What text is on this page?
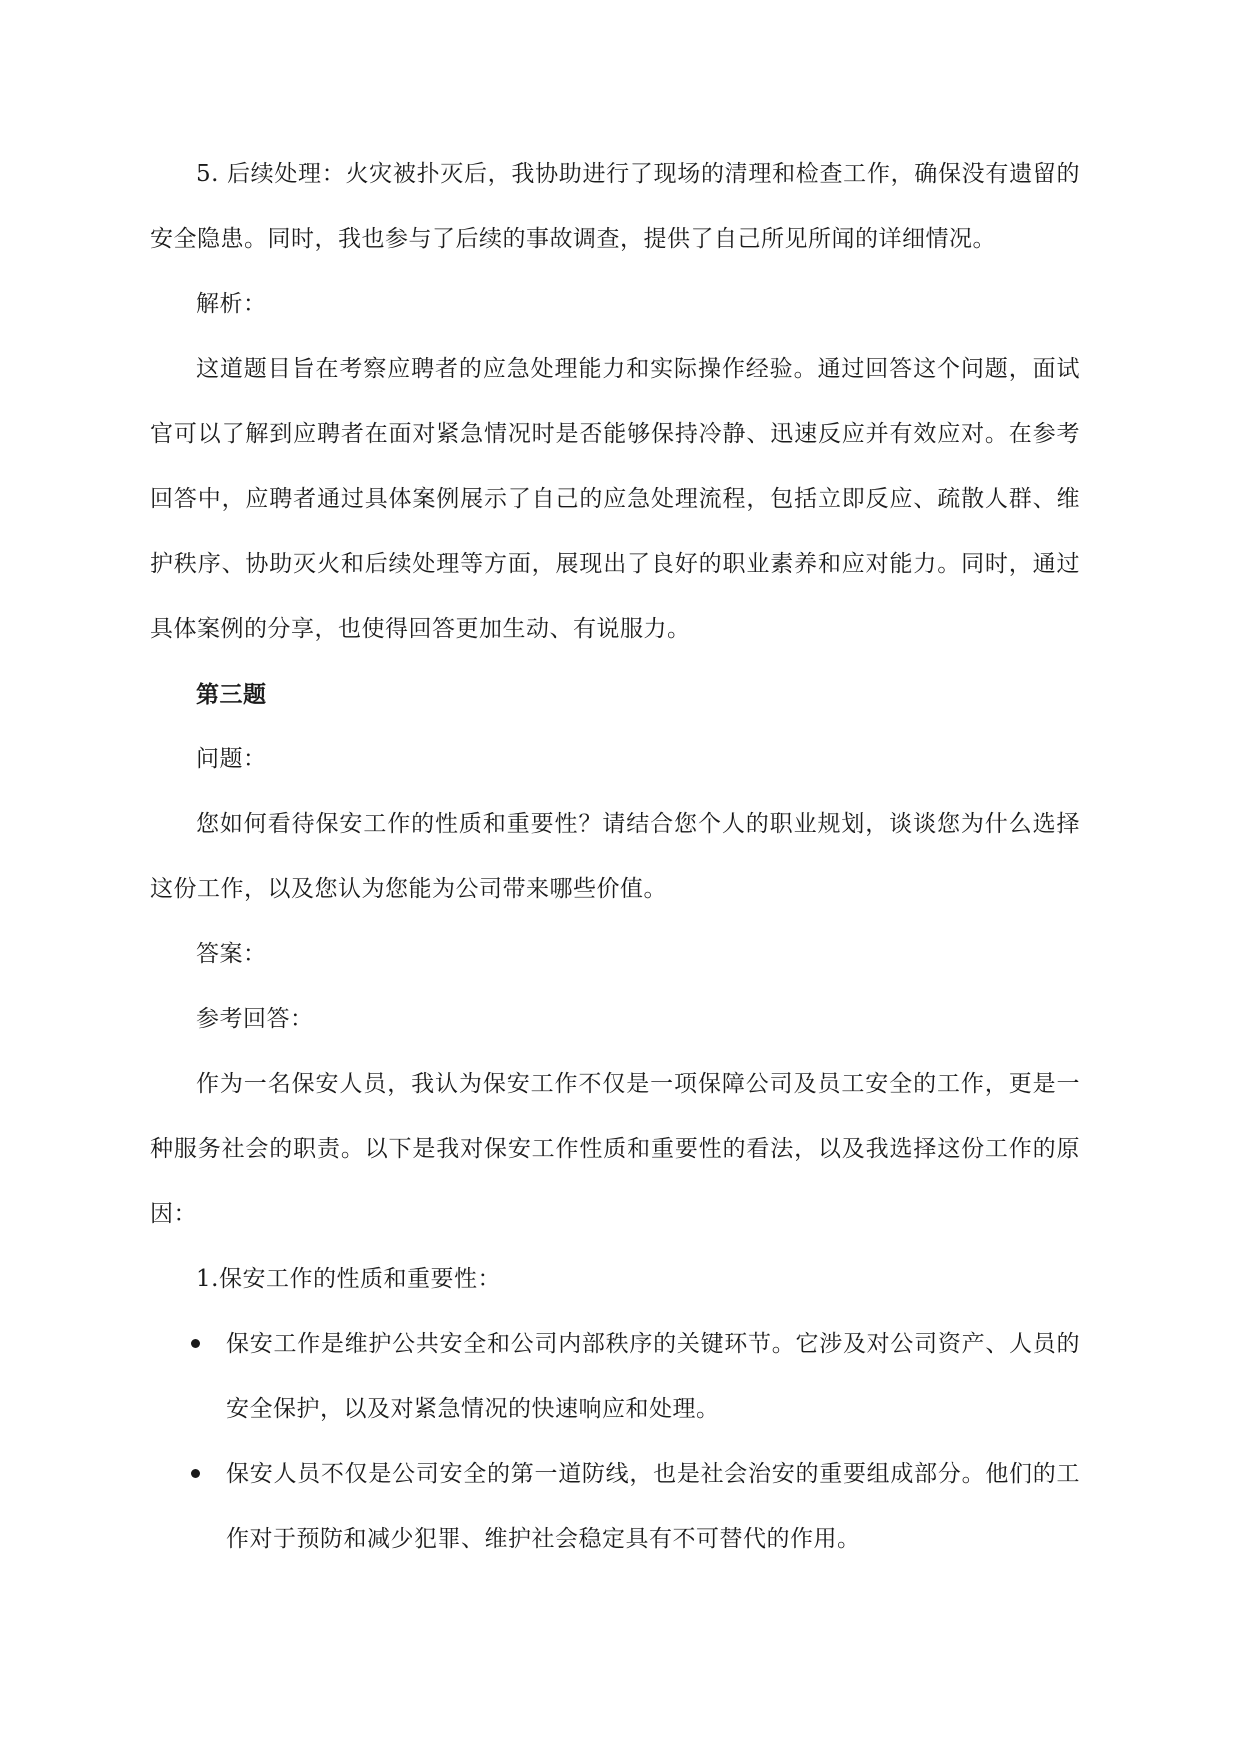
5. 后续处理：火灾被扑灭后，我协助进行了现场的清理和检查工作，确保没有遗留的安全隐患。同时，我也参与了后续的事故调查，提供了自己所见所闻的详细情况。

解析：

这道题目旨在考察应聘者的应急处理能力和实际操作经验。通过回答这个问题，面试官可以了解到应聘者在面对紧急情况时是否能够保持冷静、迅速反应并有效应对。在参考回答中，应聘者通过具体案例展示了自己的应急处理流程，包括立即反应、疏散人群、维护秩序、协助灭火和后续处理等方面，展现出了良好的职业素养和应对能力。同时，通过具体案例的分享，也使得回答更加生动、有说服力。

第三题

问题：

您如何看待保安工作的性质和重要性？请结合您个人的职业规划，谈谈您为什么选择这份工作，以及您认为您能为公司带来哪些价值。

答案：

参考回答：

作为一名保安人员，我认为保安工作不仅是一项保障公司及员工安全的工作，更是一种服务社会的职责。以下是我对保安工作性质和重要性的看法，以及我选择这份工作的原因：

1.保安工作的性质和重要性：

保安工作是维护公共安全和公司内部秩序的关键环节。它涉及对公司资产、人员的安全保护，以及对紧急情况的快速响应和处理。
保安人员不仅是公司安全的第一道防线，也是社会治安的重要组成部分。他们的工作对于预防和减少犯罪、维护社会稳定具有不可替代的作用。
